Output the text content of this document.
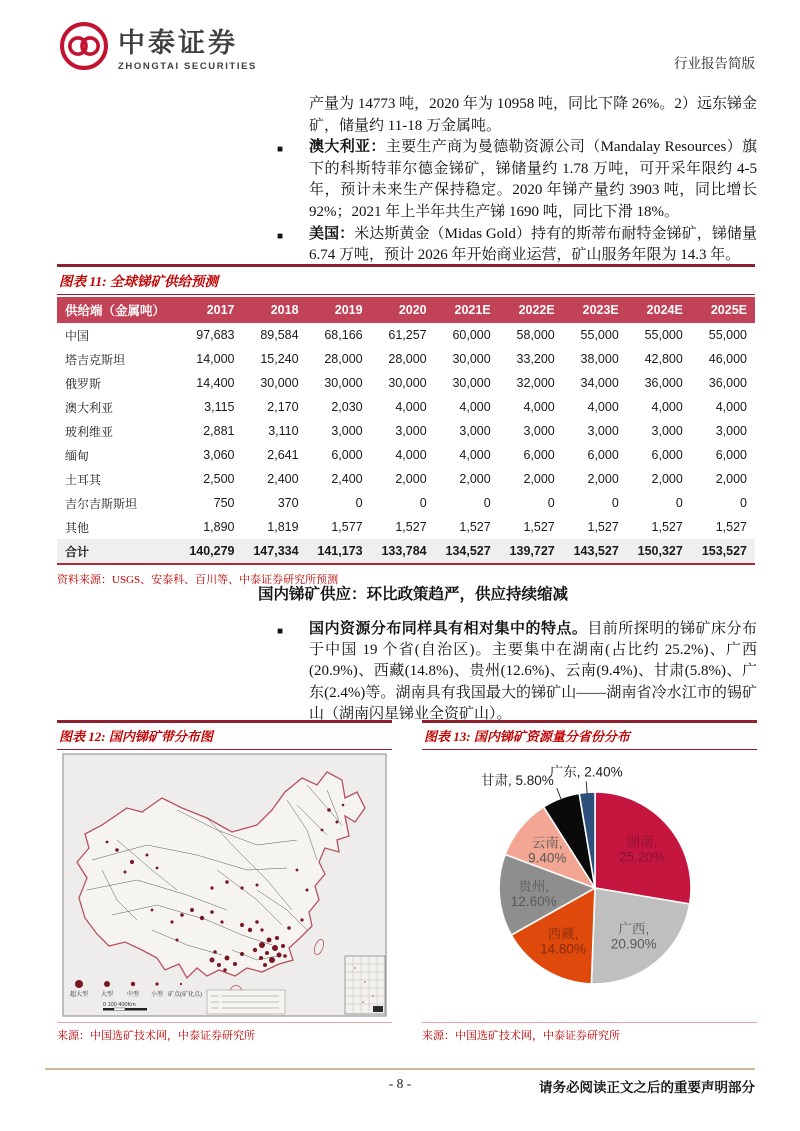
中泰证券
ZHONGTAI SECURITIES	行业报告简版
产量为 14773 吨，2020 年为 10958 吨，同比下降 26%。2）远东锑金矿，储量约 11-18 万金属吨。
■ 澳大利亚：主要生产商为曼德勒资源公司（Mandalay Resources）旗下的科斯特菲尔德金锑矿，锑储量约 1.78 万吨，可开采年限约 4-5 年，预计未来生产保持稳定。2020 年锑产量约 3903 吨，同比增长 92%；2021 年上半年共生产锑 1690 吨，同比下滑 18%。
■ 美国：米达斯黄金（Midas Gold）持有的斯蒂布耐特金锑矿，锑储量 6.74 万吨，预计 2026 年开始商业运营，矿山服务年限为 14.3 年。
图表 11: 全球锑矿供给预测
供给端（金属吨）	2017	2018	2019	2020	2021E	2022E	2023E	2024E	2025E
中国	97,683	89,584	68,166	61,257	60,000	58,000	55,000	55,000	55,000
塔吉克斯坦	14,000	15,240	28,000	28,000	30,000	33,200	38,000	42,800	46,000
俄罗斯	14,400	30,000	30,000	30,000	30,000	32,000	34,000	36,000	36,000
澳大利亚	3,115	2,170	2,030	4,000	4,000	4,000	4,000	4,000	4,000
玻利维亚	2,881	3,110	3,000	3,000	3,000	3,000	3,000	3,000	3,000
缅甸	3,060	2,641	6,000	4,000	4,000	6,000	6,000	6,000	6,000
土耳其	2,500	2,400	2,400	2,000	2,000	2,000	2,000	2,000	2,000
吉尔吉斯斯坦	750	370	0	0	0	0	0	0	0
其他	1,890	1,819	1,577	1,527	1,527	1,527	1,527	1,527	1,527
合计	140,279	147,334	141,173	133,784	134,527	139,727	143,527	150,327	153,527
资料来源：USGS、安泰科、百川等、中泰证券研究所预测
国内锑矿供应：环比政策趋严，供应持续缩减
■ 国内资源分布同样具有相对集中的特点。目前所探明的锑矿床分布于中国 19 个省(自治区)。主要集中在湖南(占比约 25.2%)、广西(20.9%)、西藏(14.8%)、贵州(12.6%)、云南(9.4%)、甘肃(5.8%)、广东(2.4%)等。湖南具有我国最大的锑矿山——湖南省冷水江市的锡矿山（湖南闪星锑业全资矿山）。
图表 12: 国内锑矿带分布图
超大型 大型 中型 小型 矿点(矿化点)
0 100 400Km
来源：中国选矿技术网，中泰证券研究所
图表 13: 国内锑矿资源量分省份分布
湖南, 25.20%
广西, 20.90%
西藏, 14.80%
贵州, 12.60%
云南, 9.40%
甘肃, 5.80%
广东, 2.40%
来源：中国选矿技术网，中泰证券研究所
- 8 -	请务必阅读正文之后的重要声明部分
